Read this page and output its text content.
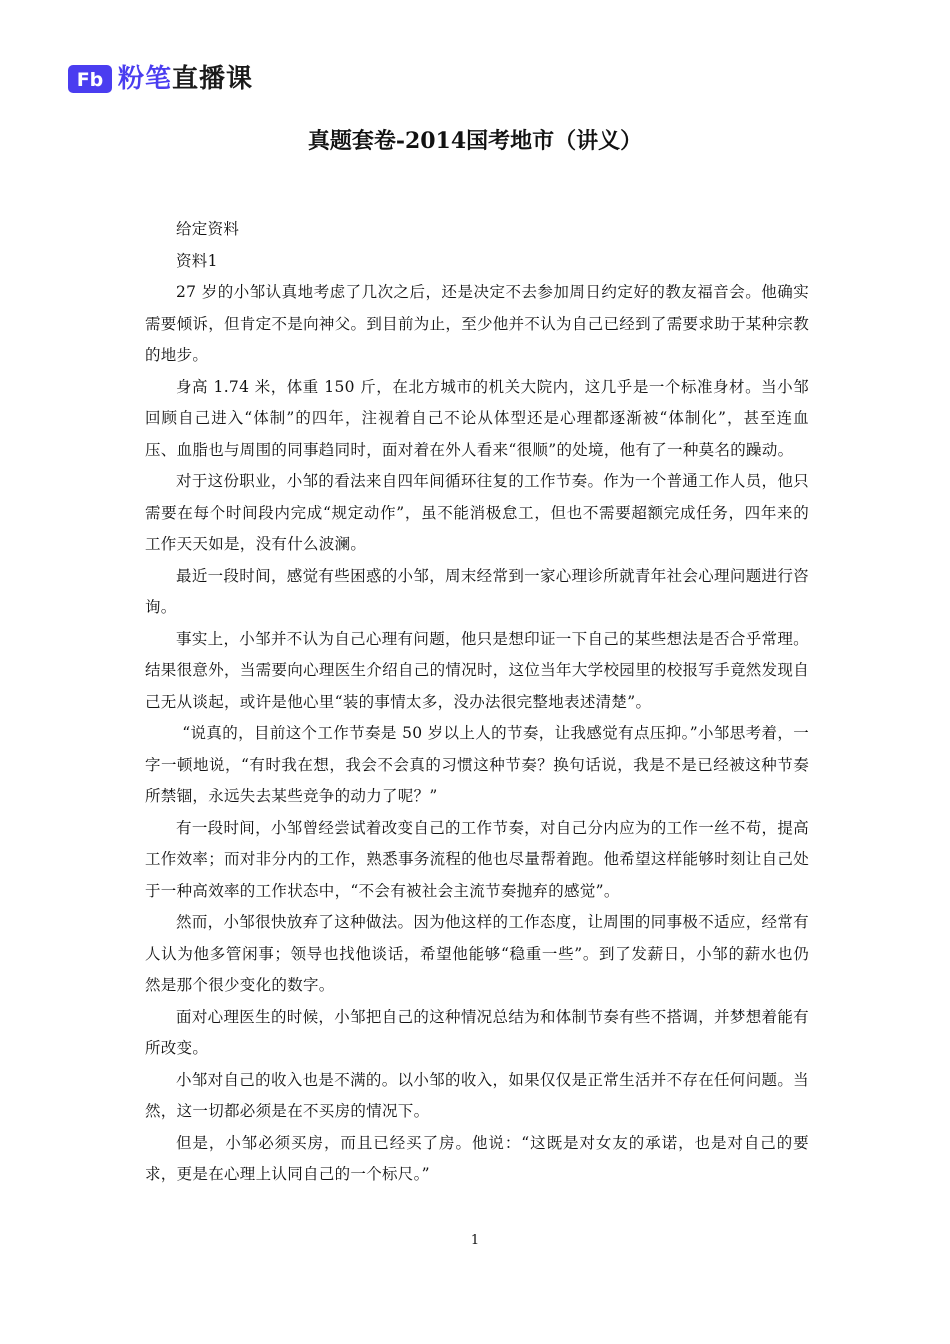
Fb 粉笔直播课
真题套卷-2014国考地市（讲义）

给定资料

资料1

27 岁的小邹认真地考虑了几次之后，还是决定不去参加周日约定好的教友福音会。他确实需要倾诉，但肯定不是向神父。到目前为止，至少他并不认为自己已经到了需要求助于某种宗教的地步。

身高 1.74 米，体重 150 斤，在北方城市的机关大院内，这几乎是一个标准身材。当小邹回顾自己进入“体制”的四年，注视着自己不论从体型还是心理都逐渐被“体制化”，甚至连血压、血脂也与周围的同事趋同时，面对着在外人看来“很顺”的处境，他有了一种莫名的躁动。

对于这份职业，小邹的看法来自四年间循环往复的工作节奏。作为一个普通工作人员，他只需要在每个时间段内完成“规定动作”，虽不能消极怠工，但也不需要超额完成任务，四年来的工作天天如是，没有什么波澜。

最近一段时间，感觉有些困惑的小邹，周末经常到一家心理诊所就青年社会心理问题进行咨询。

事实上，小邹并不认为自己心理有问题，他只是想印证一下自己的某些想法是否合乎常理。结果很意外，当需要向心理医生介绍自己的情况时，这位当年大学校园里的校报写手竟然发现自己无从谈起，或许是他心里“装的事情太多，没办法很完整地表述清楚”。

“说真的，目前这个工作节奏是 50 岁以上人的节奏，让我感觉有点压抑。”小邹思考着，一字一顿地说，“有时我在想，我会不会真的习惯这种节奏？换句话说，我是不是已经被这种节奏所禁锢，永远失去某些竞争的动力了呢？”

有一段时间，小邹曾经尝试着改变自己的工作节奏，对自己分内应为的工作一丝不苟，提高工作效率；而对非分内的工作，熟悉事务流程的他也尽量帮着跑。他希望这样能够时刻让自己处于一种高效率的工作状态中，“不会有被社会主流节奏抛弃的感觉”。

然而，小邹很快放弃了这种做法。因为他这样的工作态度，让周围的同事极不适应，经常有人认为他多管闲事；领导也找他谈话，希望他能够“稳重一些”。到了发薪日，小邹的薪水也仍然是那个很少变化的数字。

面对心理医生的时候，小邹把自己的这种情况总结为和体制节奏有些不搭调，并梦想着能有所改变。

小邹对自己的收入也是不满的。以小邹的收入，如果仅仅是正常生活并不存在任何问题。当然，这一切都必须是在不买房的情况下。

但是，小邹必须买房，而且已经买了房。他说：“这既是对女友的承诺，也是对自己的要求，更是在心理上认同自己的一个标尺。”

1
